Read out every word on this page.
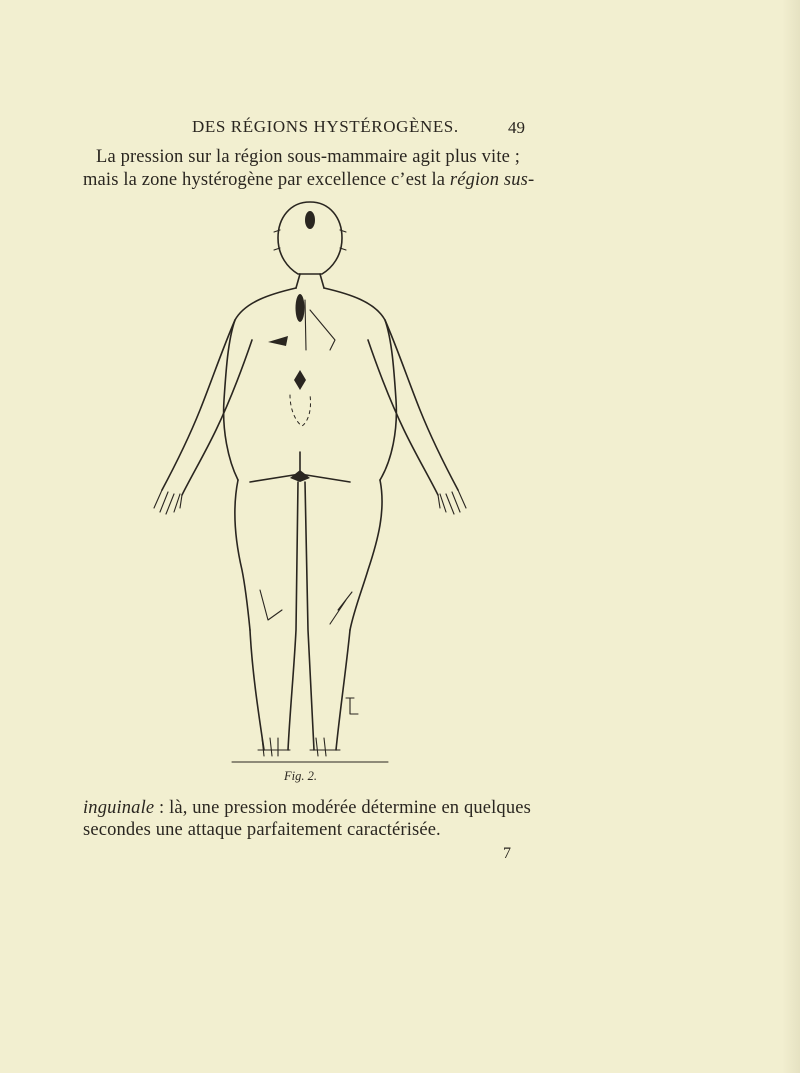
DES RÉGIONS HYSTÉROGÈNES.	49
La pression sur la région sous-mammaire agit plus vite ;
mais la zone hystérogène par excellence c’est la région sus-
Fig. 2.
inguinale : là, une pression modérée détermine en quelques
secondes une attaque parfaitement caractérisée.
7
